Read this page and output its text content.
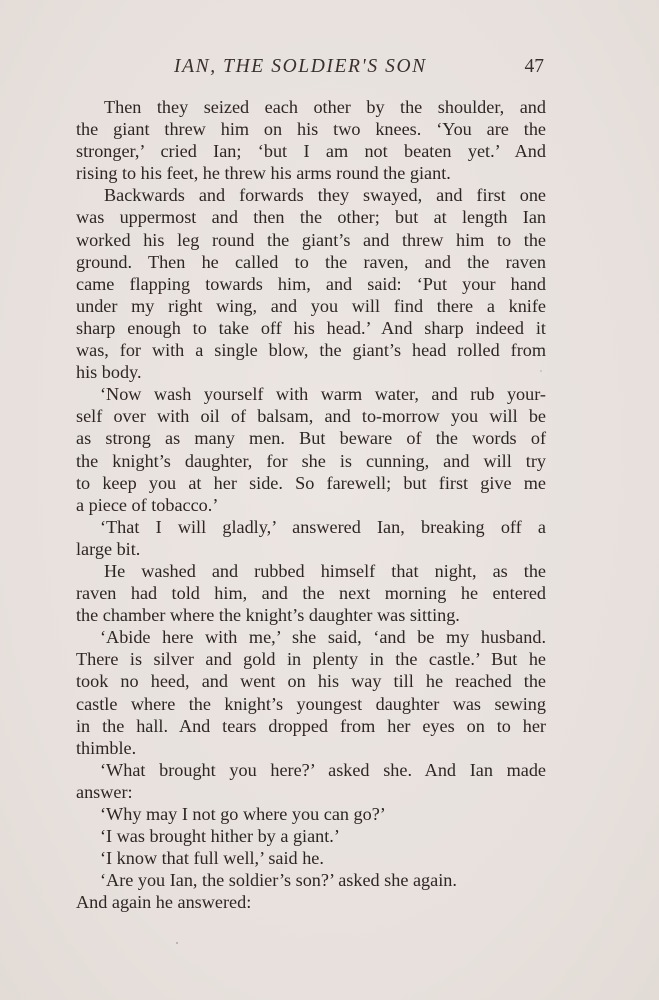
IAN, THE SOLDIER'S SON	47
Then they seized each other by the shoulder, and
the giant threw him on his two knees. ‘You are the
stronger,’ cried Ian; ‘but I am not beaten yet.’ And
rising to his feet, he threw his arms round the giant.
Backwards and forwards they swayed, and first one
was uppermost and then the other; but at length Ian
worked his leg round the giant’s and threw him to the
ground. Then he called to the raven, and the raven
came flapping towards him, and said: ‘Put your hand
under my right wing, and you will find there a knife
sharp enough to take off his head.’ And sharp indeed it
was, for with a single blow, the giant’s head rolled from
his body.
‘Now wash yourself with warm water, and rub your-
self over with oil of balsam, and to-morrow you will be
as strong as many men. But beware of the words of
the knight’s daughter, for she is cunning, and will try
to keep you at her side. So farewell; but first give me
a piece of tobacco.’
‘That I will gladly,’ answered Ian, breaking off a
large bit.
He washed and rubbed himself that night, as the
raven had told him, and the next morning he entered
the chamber where the knight’s daughter was sitting.
‘Abide here with me,’ she said, ‘and be my husband.
There is silver and gold in plenty in the castle.’ But he
took no heed, and went on his way till he reached the
castle where the knight’s youngest daughter was sewing
in the hall. And tears dropped from her eyes on to her
thimble.
‘What brought you here?’ asked she. And Ian made
answer:
‘Why may I not go where you can go?’
‘I was brought hither by a giant.’
‘I know that full well,’ said he.
‘Are you Ian, the soldier’s son?’ asked she again.
And again he answered:
